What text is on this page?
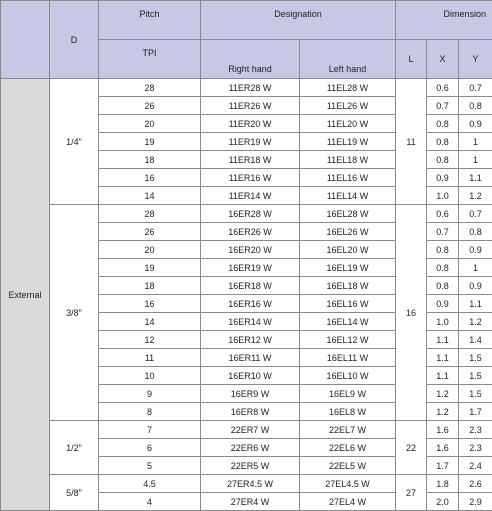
	D	Pitch	Designation		Dimension		
		TPI	Right hand	Left hand	L	X	Y
External	1/4"	28	11ER28 W	11EL28 W	11	0.6	0.7
		26	11ER26 W	11EL26 W		0.7	0.8
		20	11ER20 W	11EL20 W		0.8	0.9
		19	11ER19 W	11EL19 W		0.8	1
		18	11ER18 W	11EL18 W		0.8	1
		16	11ER16 W	11EL16 W		0.9	1.1
		14	11ER14 W	11EL14 W		1.0	1.2
	3/8"	28	16ER28 W	16EL28 W	16	0.6	0.7
		26	16ER26 W	16EL26 W		0.7	0.8
		20	16ER20 W	16EL20 W		0.8	0.9
		19	16ER19 W	16EL19 W		0.8	1
		18	16ER18 W	16EL18 W		0.8	0.9
		16	16ER16 W	16EL16 W		0.9	1.1
		14	16ER14 W	16EL14 W		1.0	1.2
		12	16ER12 W	16EL12 W		1.1	1.4
		11	16ER11 W	16EL11 W		1.1	1.5
		10	16ER10 W	16EL10 W		1.1	1.5
		9	16ER9 W	16EL9 W		1.2	1.5
		8	16ER8 W	16EL8 W		1.2	1.7
	1/2"	7	22ER7 W	22EL7 W	22	1.6	2.3
		6	22ER6 W	22EL6 W		1.6	2.3
		5	22ER5 W	22EL5 W		1.7	2.4
	5/8"	4.5	27ER4.5 W	27EL4.5 W	27	1.8	2.6
		4	27ER4 W	27EL4 W		2.0	2.9
